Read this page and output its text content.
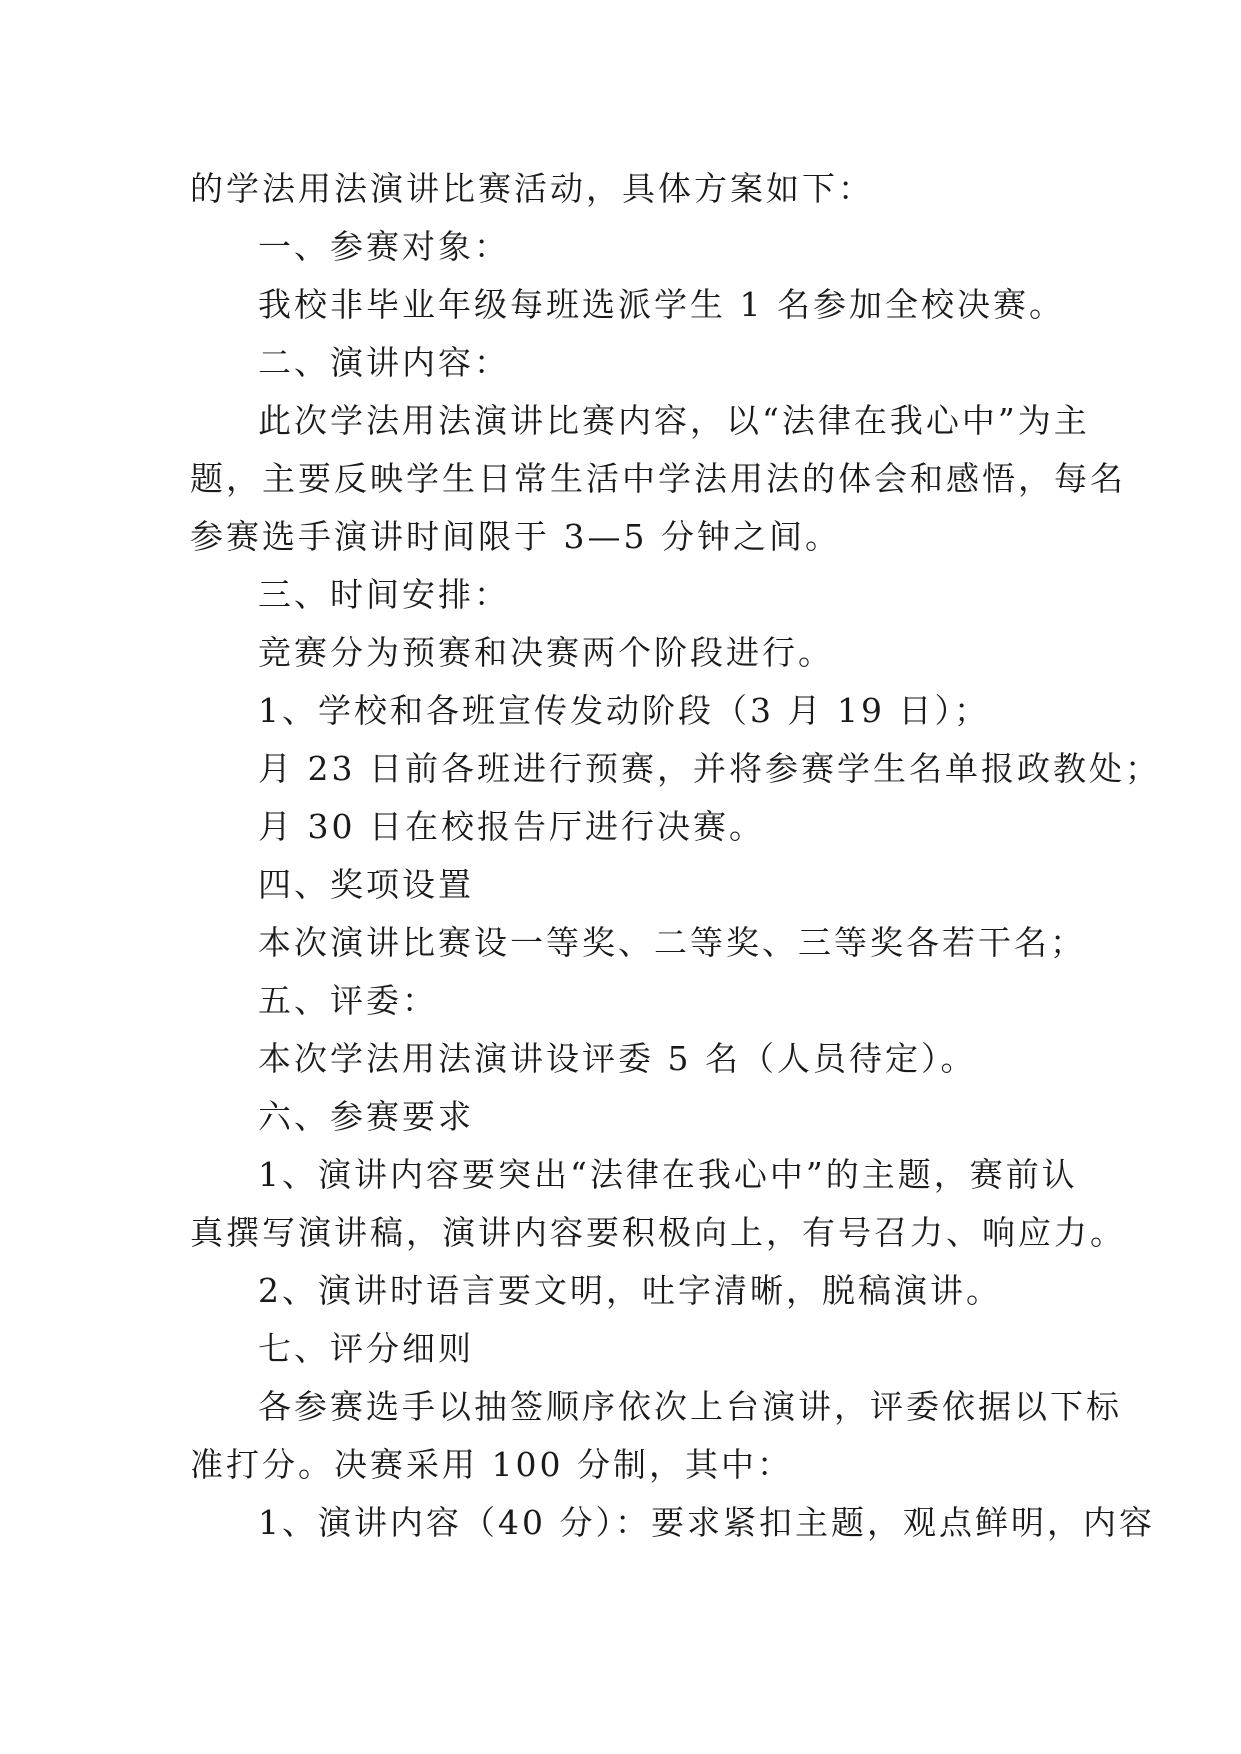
的学法用法演讲比赛活动，具体方案如下：

一、参赛对象：

我校非毕业年级每班选派学生 1 名参加全校决赛。

二、演讲内容：

此次学法用法演讲比赛内容，以“法律在我心中”为主

题，主要反映学生日常生活中学法用法的体会和感悟，每名

参赛选手演讲时间限于 3—5 分钟之间。

三、时间安排：

竞赛分为预赛和决赛两个阶段进行。

1、学校和各班宣传发动阶段（3 月 19 日）；

月 23 日前各班进行预赛，并将参赛学生名单报政教处；

月 30 日在校报告厅进行决赛。

四、奖项设置

本次演讲比赛设一等奖、二等奖、三等奖各若干名；

五、评委：

本次学法用法演讲设评委 5 名（人员待定）。

六、参赛要求

1、演讲内容要突出“法律在我心中”的主题，赛前认

真撰写演讲稿，演讲内容要积极向上，有号召力、响应力。

2、演讲时语言要文明，吐字清晰，脱稿演讲。

七、评分细则

各参赛选手以抽签顺序依次上台演讲，评委依据以下标

准打分。决赛采用 100 分制，其中：

1、演讲内容（40 分）：要求紧扣主题，观点鲜明，内容
